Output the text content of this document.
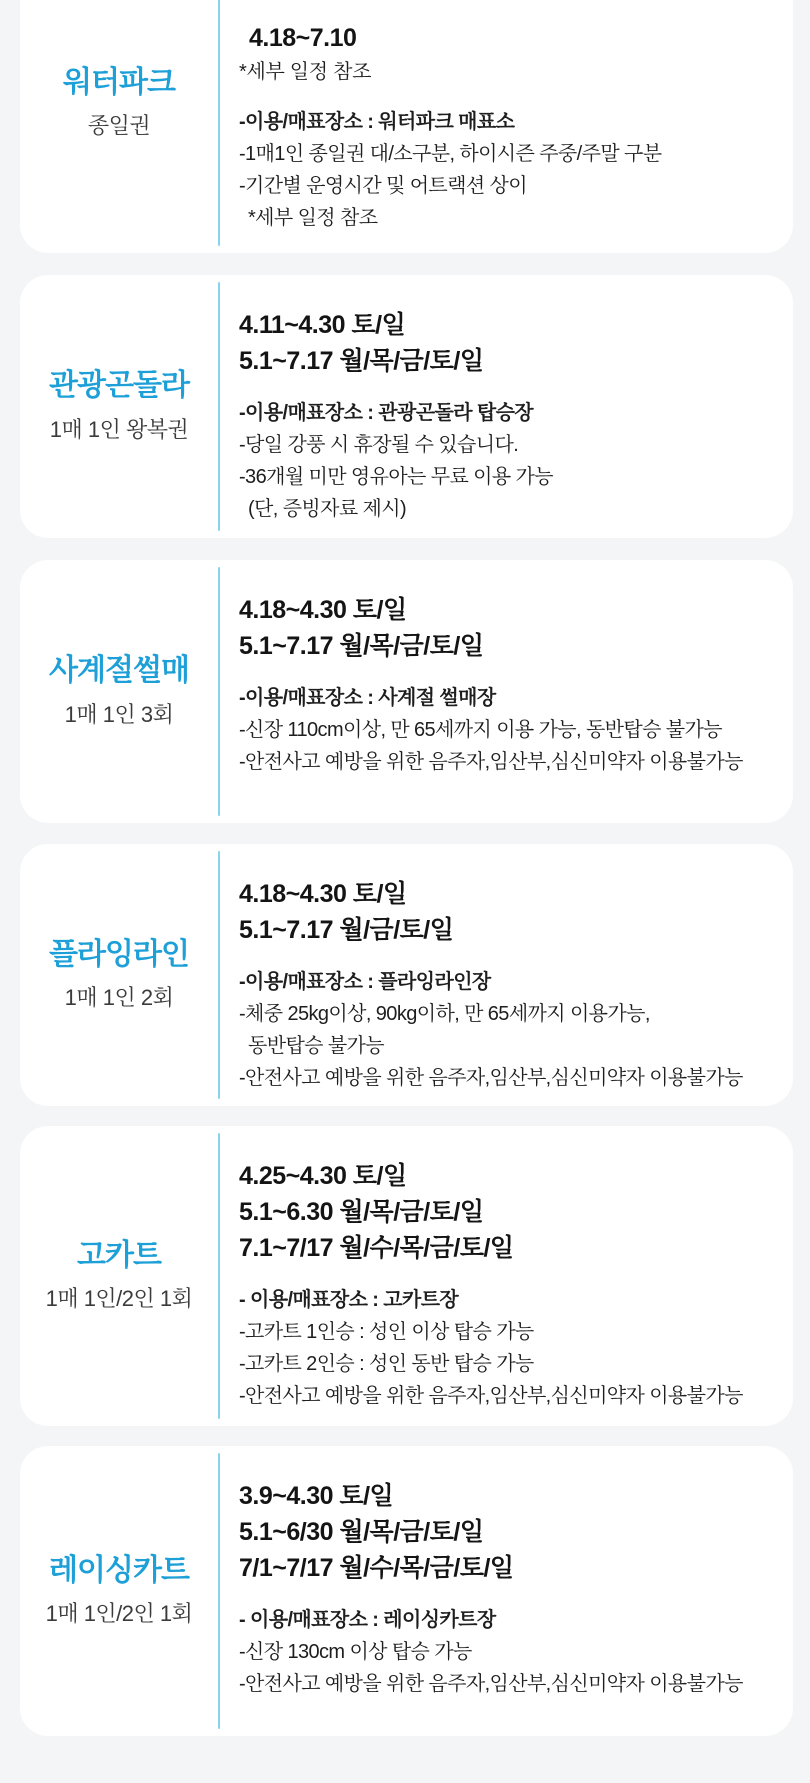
워터파크
종일권
4.18~7.10
*세부 일정 참조
-이용/매표장소 : 워터파크 매표소
-1매1인 종일권 대/소구분, 하이시즌 주중/주말 구분
-기간별 운영시간 및 어트랙션 상이
*세부 일정 참조
관광곤돌라
1매 1인 왕복권
4.11~4.30 토/일
5.1~7.17 월/목/금/토/일
-이용/매표장소 : 관광곤돌라 탑승장
-당일 강풍 시 휴장될 수 있습니다.
-36개월 미만 영유아는 무료 이용 가능
(단, 증빙자료 제시)
사계절썰매
1매 1인 3회
4.18~4.30 토/일
5.1~7.17 월/목/금/토/일
-이용/매표장소 : 사계절 썰매장
-신장 110cm이상, 만 65세까지 이용 가능, 동반탑승 불가능
-안전사고 예방을 위한 음주자,임산부,심신미약자 이용불가능
플라잉라인
1매 1인 2회
4.18~4.30 토/일
5.1~7.17 월/금/토/일
-이용/매표장소 : 플라잉라인장
-체중 25kg이상, 90kg이하, 만 65세까지 이용가능,
동반탑승 불가능
-안전사고 예방을 위한 음주자,임산부,심신미약자 이용불가능
고카트
1매 1인/2인 1회
4.25~4.30 토/일
5.1~6.30 월/목/금/토/일
7.1~7/17 월/수/목/금/토/일
- 이용/매표장소 : 고카트장
-고카트 1인승 : 성인 이상 탑승 가능
-고카트 2인승 : 성인 동반 탑승 가능
-안전사고 예방을 위한 음주자,임산부,심신미약자 이용불가능
레이싱카트
1매 1인/2인 1회
3.9~4.30 토/일
5.1~6/30 월/목/금/토/일
7/1~7/17 월/수/목/금/토/일
- 이용/매표장소 : 레이싱카트장
-신장 130cm 이상 탑승 가능
-안전사고 예방을 위한 음주자,임산부,심신미약자 이용불가능
